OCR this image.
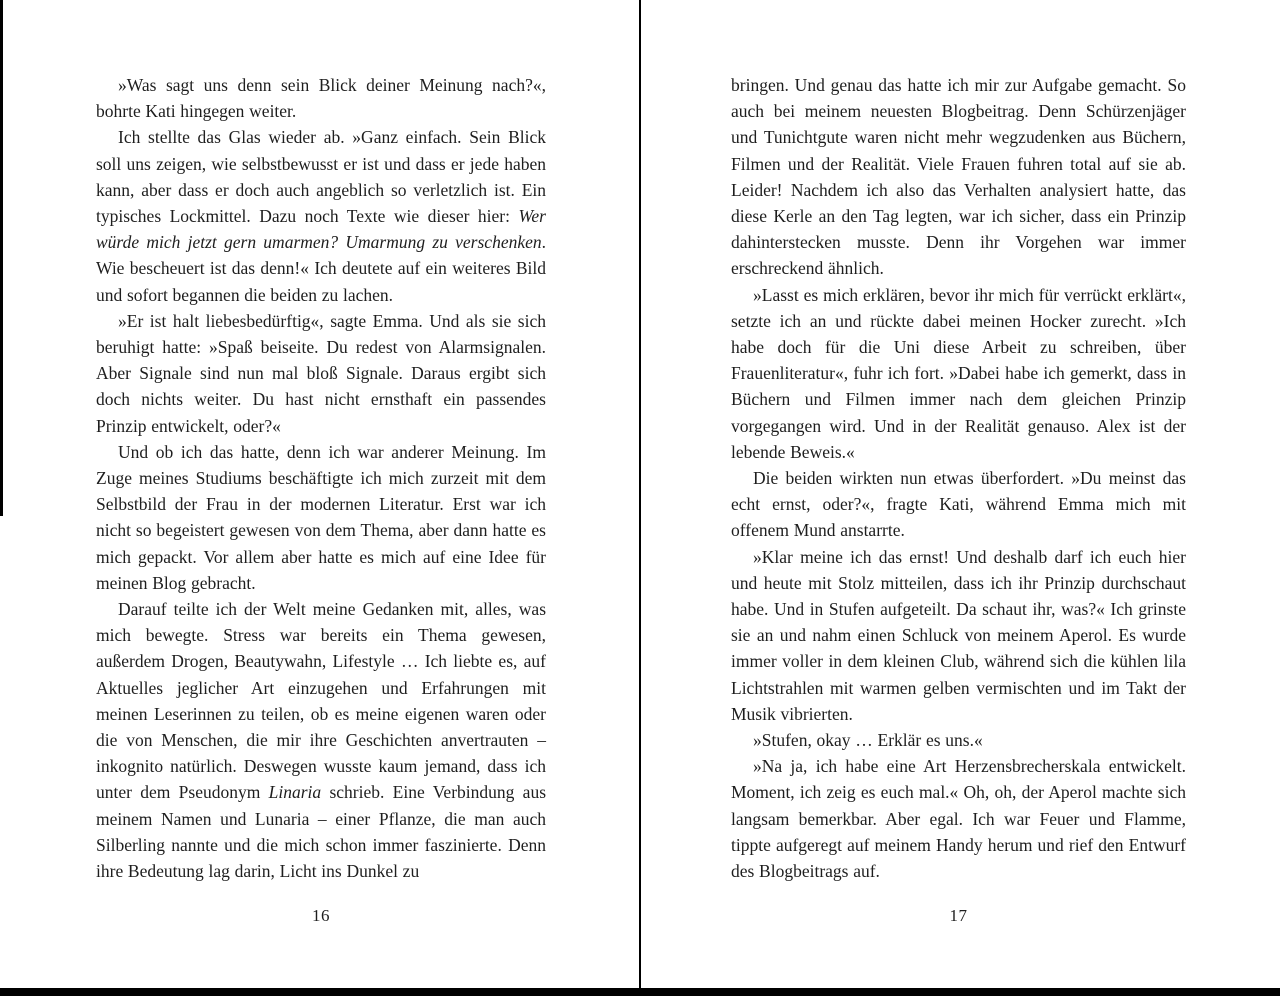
»Was sagt uns denn sein Blick deiner Meinung nach?«, bohrte Kati hingegen weiter.

Ich stellte das Glas wieder ab. »Ganz einfach. Sein Blick soll uns zeigen, wie selbstbewusst er ist und dass er jede haben kann, aber dass er doch auch angeblich so verletzlich ist. Ein typisches Lockmittel. Dazu noch Texte wie dieser hier: Wer würde mich jetzt gern umarmen? Umarmung zu verschenken. Wie bescheuert ist das denn!« Ich deutete auf ein weiteres Bild und sofort begannen die beiden zu lachen.

»Er ist halt liebesbedürftig«, sagte Emma. Und als sie sich beruhigt hatte: »Spaß beiseite. Du redest von Alarmsignalen. Aber Signale sind nun mal bloß Signale. Daraus ergibt sich doch nichts weiter. Du hast nicht ernsthaft ein passendes Prinzip entwickelt, oder?«

Und ob ich das hatte, denn ich war anderer Meinung. Im Zuge meines Studiums beschäftigte ich mich zurzeit mit dem Selbstbild der Frau in der modernen Literatur. Erst war ich nicht so begeistert gewesen von dem Thema, aber dann hatte es mich gepackt. Vor allem aber hatte es mich auf eine Idee für meinen Blog gebracht.

Darauf teilte ich der Welt meine Gedanken mit, alles, was mich bewegte. Stress war bereits ein Thema gewesen, außerdem Drogen, Beautywahn, Lifestyle … Ich liebte es, auf Aktuelles jeglicher Art einzugehen und Erfahrungen mit meinen Leserinnen zu teilen, ob es meine eigenen waren oder die von Menschen, die mir ihre Geschichten anvertrauten – inkognito natürlich. Deswegen wusste kaum jemand, dass ich unter dem Pseudonym Linaria schrieb. Eine Verbindung aus meinem Namen und Lunaria – einer Pflanze, die man auch Silberling nannte und die mich schon immer faszinierte. Denn ihre Bedeutung lag darin, Licht ins Dunkel zu

16

bringen. Und genau das hatte ich mir zur Aufgabe gemacht. So auch bei meinem neuesten Blogbeitrag. Denn Schürzenjäger und Tunichtgute waren nicht mehr wegzudenken aus Büchern, Filmen und der Realität. Viele Frauen fuhren total auf sie ab. Leider! Nachdem ich also das Verhalten analysiert hatte, das diese Kerle an den Tag legten, war ich sicher, dass ein Prinzip dahinterstecken musste. Denn ihr Vorgehen war immer erschreckend ähnlich.

»Lasst es mich erklären, bevor ihr mich für verrückt erklärt«, setzte ich an und rückte dabei meinen Hocker zurecht. »Ich habe doch für die Uni diese Arbeit zu schreiben, über Frauenliteratur«, fuhr ich fort. »Dabei habe ich gemerkt, dass in Büchern und Filmen immer nach dem gleichen Prinzip vorgegangen wird. Und in der Realität genauso. Alex ist der lebende Beweis.«

Die beiden wirkten nun etwas überfordert. »Du meinst das echt ernst, oder?«, fragte Kati, während Emma mich mit offenem Mund anstarrte.

»Klar meine ich das ernst! Und deshalb darf ich euch hier und heute mit Stolz mitteilen, dass ich ihr Prinzip durchschaut habe. Und in Stufen aufgeteilt. Da schaut ihr, was?« Ich grinste sie an und nahm einen Schluck von meinem Aperol. Es wurde immer voller in dem kleinen Club, während sich die kühlen lila Lichtstrahlen mit warmen gelben vermischten und im Takt der Musik vibrierten.

»Stufen, okay … Erklär es uns.«

»Na ja, ich habe eine Art Herzensbrecherskala entwickelt. Moment, ich zeig es euch mal.« Oh, oh, der Aperol machte sich langsam bemerkbar. Aber egal. Ich war Feuer und Flamme, tippte aufgeregt auf meinem Handy herum und rief den Entwurf des Blogbeitrags auf.

17
